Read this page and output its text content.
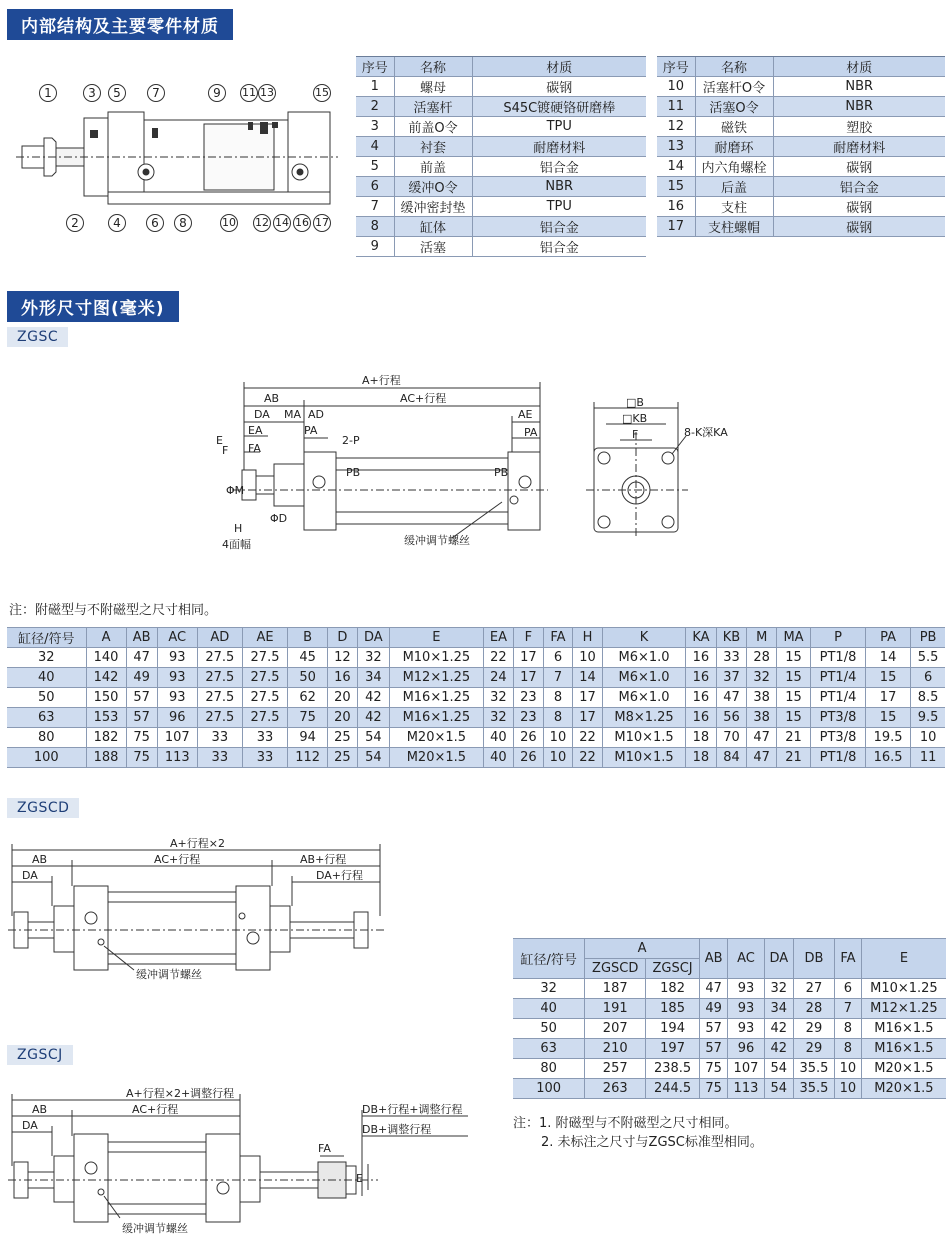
内部结构及主要零件材质
外形尺寸图(毫米)
ZGSC
ZGSCD
ZGSCJ
1	3	5	7	9	11 13	15
2	4	6	8	10 12 14 16 17
序号	名称	材质
1	螺母	碳钢
2	活塞杆	S45C镀硬铬研磨棒
3	前盖O令	TPU
4	衬套	耐磨材料
5	前盖	铝合金
6	缓冲O令	NBR
7	缓冲密封垫	TPU
8	缸体	铝合金
9	活塞	铝合金
序号	名称	材质
10	活塞杆O令	NBR
11	活塞O令	NBR
12	磁铁	塑胶
13	耐磨环	耐磨材料
14	内六角螺栓	碳钢
15	后盖	铝合金
16	支柱	碳钢
17	支柱螺帽	碳钢
A+行程
AB	AC+行程
DA MA AD	AE
EA	PA	PA
FA
E
F
2-P
PB	PB
ΦM
ΦD
H
4面幅	缓冲调节螺丝
□B
□KB
F	8-K深KA
注：附磁型与不附磁型之尺寸相同。
缸径/符号	A	AB	AC	AD	AE	B	D	DA	E	EA	F	FA	H	K	KA	KB	M	MA	P	PA	PB
32	140	47	93	27.5	27.5	45	12	32	M10×1.25	22	17	6	10	M6×1.0	16	33	28	15	PT1/8	14	5.5
40	142	49	93	27.5	27.5	50	16	34	M12×1.25	24	17	7	14	M6×1.0	16	37	32	15	PT1/4	15	6
50	150	57	93	27.5	27.5	62	20	42	M16×1.25	32	23	8	17	M6×1.0	16	47	38	15	PT1/4	17	8.5
63	153	57	96	27.5	27.5	75	20	42	M16×1.25	32	23	8	17	M8×1.25	16	56	38	15	PT3/8	15	9.5
80	182	75	107	33	33	94	25	54	M20×1.5	40	26	10	22	M10×1.5	18	70	47	21	PT3/8	19.5	10
100	188	75	113	33	33	112	25	54	M20×1.5	40	26	10	22	M10×1.5	18	84	47	21	PT1/8	16.5	11
A+行程×2
AB	AC+行程	AB+行程
DA	DA+行程
缓冲调节螺丝
A+行程×2+调整行程
AB	AC+行程
DA
DB+行程+调整行程
DB+调整行程
FA
E
缓冲调节螺丝
缸径/符号	A		AB	AC	DA	DB	FA	E
	ZGSCD	ZGSCJ						
32	187	182	47	93	32	27	6	M10×1.25
40	191	185	49	93	34	28	7	M12×1.25
50	207	194	57	93	42	29	8	M16×1.5
63	210	197	57	96	42	29	8	M16×1.5
80	257	238.5	75	107	54	35.5	10	M20×1.5
100	263	244.5	75	113	54	35.5	10	M20×1.5
注：1. 附磁型与不附磁型之尺寸相同。
2. 未标注之尺寸与ZGSC标准型相同。
